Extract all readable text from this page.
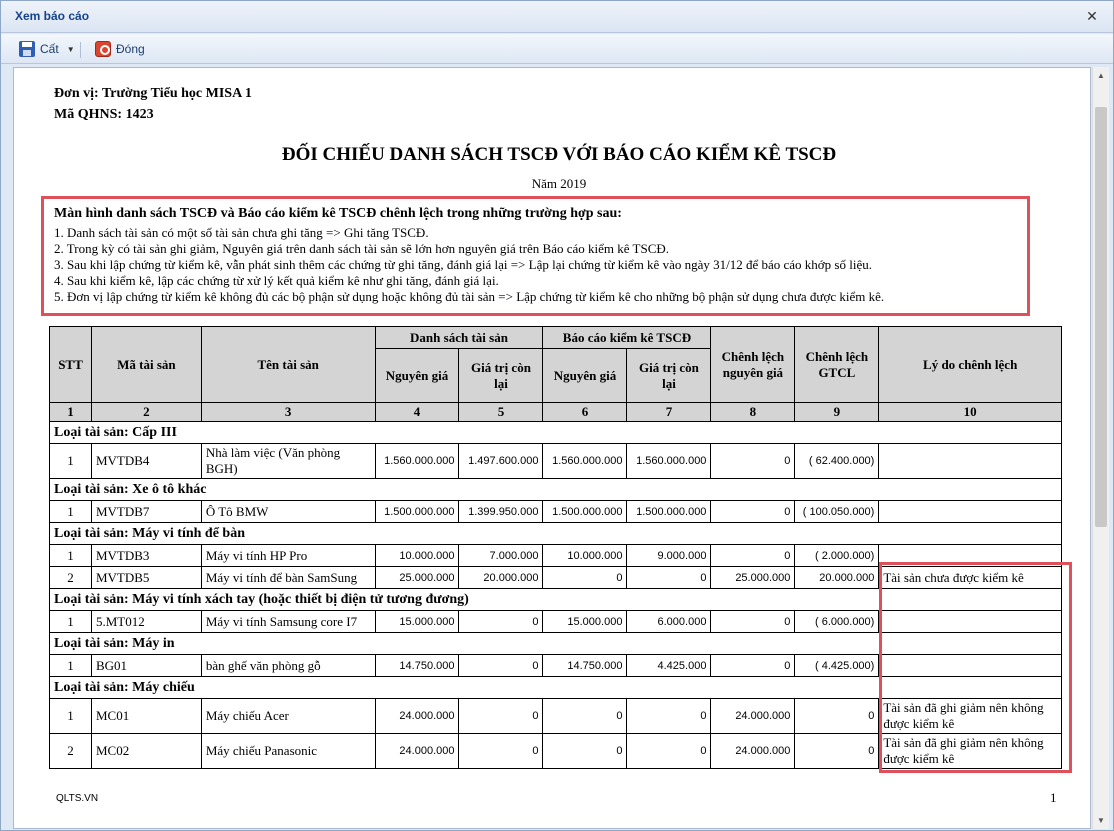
Xem báo cáo	✕
Cất ▼	Đóng
Đơn vị: Trường Tiểu học MISA 1
Mã QHNS: 1423
ĐỐI CHIẾU DANH SÁCH TSCĐ VỚI BÁO CÁO KIỂM KÊ TSCĐ
Năm 2019
Màn hình danh sách TSCĐ và Báo cáo kiểm kê TSCĐ chênh lệch trong những trường hợp sau:
1. Danh sách tài sản có một số tài sản chưa ghi tăng => Ghi tăng TSCĐ.
2. Trong kỳ có tài sản ghi giảm, Nguyên giá trên danh sách tài sản sẽ lớn hơn nguyên giá trên Báo cáo kiểm kê TSCĐ.
3. Sau khi lập chứng từ kiểm kê, vẫn phát sinh thêm các chứng từ ghi tăng, đánh giá lại => Lập lại chứng từ kiểm kê vào ngày 31/12 để báo cáo khớp số liệu.
4. Sau khi kiểm kê, lập các chứng từ xử lý kết quả kiểm kê như ghi tăng, đánh giá lại.
5. Đơn vị lập chứng từ kiểm kê không đủ các bộ phận sử dụng hoặc không đủ tài sản => Lập chứng từ kiểm kê cho những bộ phận sử dụng chưa được kiểm kê.
STT	Mã tài sản	Tên tài sản	Danh sách tài sản		Báo cáo kiểm kê TSCĐ		Chênh lệch nguyên giá	Chênh lệch GTCL	Lý do chênh lệch
			Nguyên giá	Giá trị còn lại	Nguyên giá	Giá trị còn lại			
1	2	3	4	5	6	7	8	9	10
Loại tài sản: Cấp III									
1	MVTDB4	Nhà làm việc (Văn phòng BGH)	1.560.000.000	1.497.600.000	1.560.000.000	1.560.000.000	0	( 62.400.000)	
Loại tài sản: Xe ô tô khác									
1	MVTDB7	Ô Tô BMW	1.500.000.000	1.399.950.000	1.500.000.000	1.500.000.000	0	( 100.050.000)	
Loại tài sản: Máy vi tính để bàn									
1	MVTDB3	Máy vi tính HP Pro	10.000.000	7.000.000	10.000.000	9.000.000	0	( 2.000.000)	
2	MVTDB5	Máy vi tính để bàn SamSung	25.000.000	20.000.000	0	0	25.000.000	20.000.000	Tài sản chưa được kiểm kê
Loại tài sản: Máy vi tính xách tay (hoặc thiết bị điện tử tương đương)									
1	5.MT012	Máy vi tính Samsung core I7	15.000.000	0	15.000.000	6.000.000	0	( 6.000.000)	
Loại tài sản: Máy in									
1	BG01	bàn ghế văn phòng gỗ	14.750.000	0	14.750.000	4.425.000	0	( 4.425.000)	
Loại tài sản: Máy chiếu									
1	MC01	Máy chiếu Acer	24.000.000	0	0	0	24.000.000	0	Tài sản đã ghi giảm nên không được kiểm kê
2	MC02	Máy chiếu Panasonic	24.000.000	0	0	0	24.000.000	0	Tài sản đã ghi giảm nên không được kiểm kê
QLTS.VN	1
▲
▼
